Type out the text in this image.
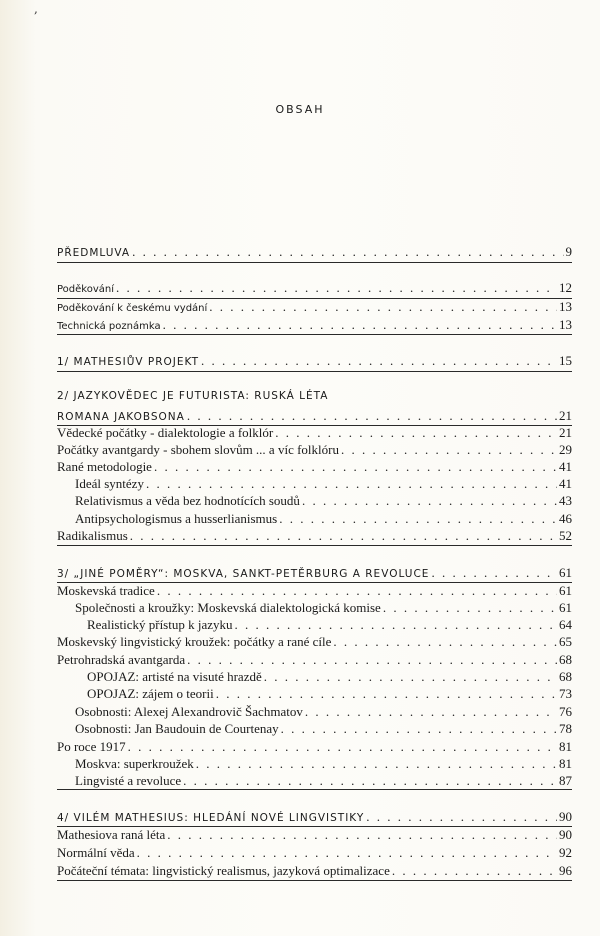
,
OBSAH
PŘEDMLUVA . . .	9
Poděkování . . .	12
Poděkování k českému vydání . . .	13
Technická poznámka . . .	13
1/ MATHESIŮV PROJEKT . . .	15
2/ JAZYKOVĚDEC JE FUTURISTA: RUSKÁ LÉTA
ROMANA JAKOBSONA . . .	21
Vědecké počátky - dialektologie a folklór . . .	21
Počátky avantgardy - sbohem slovům ... a víc folklóru . . .	29
Rané metodologie . . .	41
Ideál syntézy . . .	41
Relativismus a věda bez hodnotících soudů . . .	43
Antipsychologismus a husserlianismus . . .	46
Radikalismus . . .	52
3/ „JINÉ POMĚRY“: MOSKVA, SANKT-PETĚRBURG A REVOLUCE . . .	61
Moskevská tradice . . .	61
Společnosti a kroužky: Moskevská dialektologická komise . . .	61
Realistický přístup k jazyku . . .	64
Moskevský lingvistický kroužek: počátky a rané cíle . . .	65
Petrohradská avantgarda . . .	68
OPOJAZ: artisté na visuté hrazdě . . .	68
OPOJAZ: zájem o teorii . . .	73
Osobnosti: Alexej Alexandrovič Šachmatov . . .	76
Osobnosti: Jan Baudouin de Courtenay . . .	78
Po roce 1917 . . .	81
Moskva: superkroužek . . .	81
Lingvisté a revoluce . . .	87
4/ VILÉM MATHESIUS: HLEDÁNÍ NOVÉ LINGVISTIKY . . .	90
Mathesiova raná léta . . .	90
Normální věda . . .	92
Počáteční témata: lingvistický realismus, jazyková optimalizace . . .	96
